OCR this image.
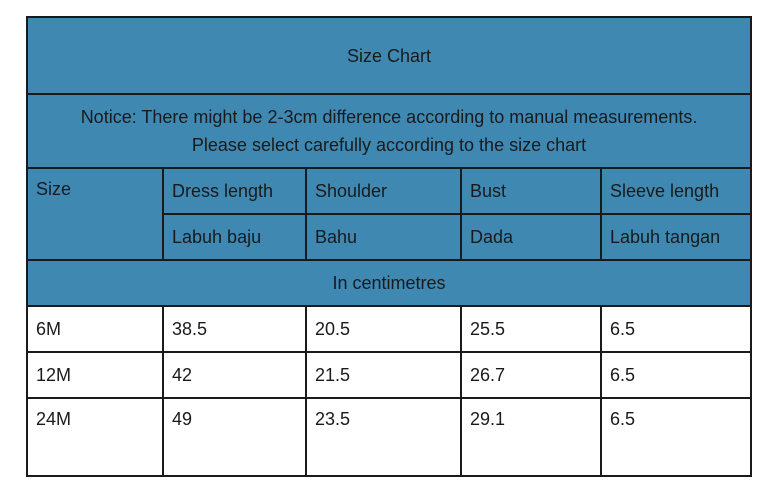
Size Chart				

Notice: There might be 2-3cm difference according to manual measurements.
Please select carefully according to the size chart				

Size	Dress length	Shoulder	Bust	Sleeve length
	Labuh baju	Bahu	Dada	Labuh tangan
In centimetres				
6M	38.5	20.5	25.5	6.5
12M	42	21.5	26.7	6.5
24M	49	23.5	29.1	6.5
